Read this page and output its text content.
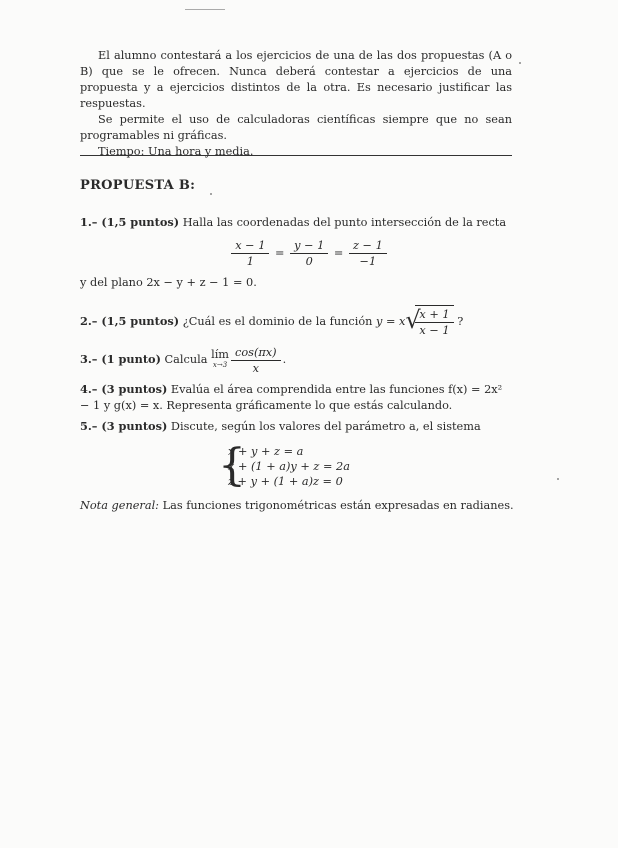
El alumno contestará a los ejercicios de una de las dos propuestas (A o B) que se le ofrecen. Nunca deberá contestar a ejercicios de una propuesta y a ejercicios distintos de la otra. Es necesario justificar las respuestas.

Se permite el uso de calculadoras científicas siempre que no sean programables ni gráficas.

Tiempo: Una hora y media.

PROPUESTA B:
1.– (1,5 puntos) Halla las coordenadas del punto intersección de la recta
$\frac{x - 1}{1} = \frac{y - 1}{0} = \frac{z - 1}{-1}$
y del plano 2x − y + z − 1 = 0.
2.– (1,5 puntos) ¿Cuál es el dominio de la función y = x √
$\frac{x + 1}{x - 1}$ ?
3.– (1 punto) Calcula lím
$x\to 3 \frac{\cos(\pi x)}{x}$ .
4.– (3 puntos) Evalúa el área comprendida entre las funciones f(x) = 2x² − 1 y g(x) = x. Representa gráficamente lo que estás calculando.
5.– (3 puntos) Discute, según los valores del parámetro a, el sistema
{
x + y + z = a
x + (1 + a)y + z = 2a
z + y + (1 + a)z = 0
Nota general: Las funciones trigonométricas están expresadas en radianes.
